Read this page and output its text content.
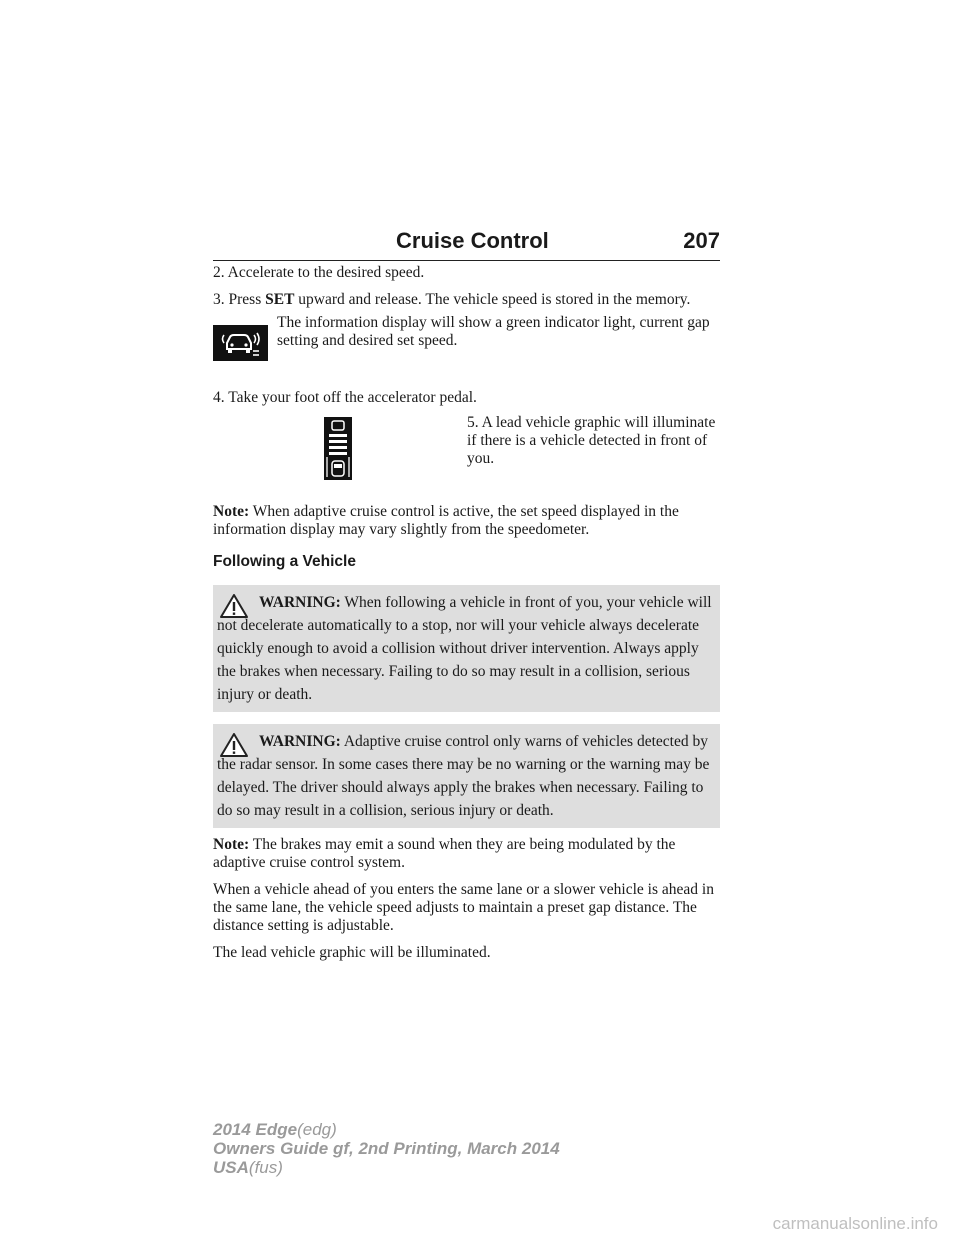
Cruise Control	207

2. Accelerate to the desired speed.

3. Press SET upward and release. The vehicle speed is stored in the memory.

The information display will show a green indicator light, current gap setting and desired set speed.

4. Take your foot off the accelerator pedal.

5. A lead vehicle graphic will illuminate if there is a vehicle detected in front of you.

Note: When adaptive cruise control is active, the set speed displayed in the information display may vary slightly from the speedometer.

Following a Vehicle

WARNING: When following a vehicle in front of you, your vehicle will not decelerate automatically to a stop, nor will your vehicle always decelerate quickly enough to avoid a collision without driver intervention. Always apply the brakes when necessary. Failing to do so may result in a collision, serious injury or death.

WARNING: Adaptive cruise control only warns of vehicles detected by the radar sensor. In some cases there may be no warning or the warning may be delayed. The driver should always apply the brakes when necessary. Failing to do so may result in a collision, serious injury or death.

Note: The brakes may emit a sound when they are being modulated by the adaptive cruise control system.

When a vehicle ahead of you enters the same lane or a slower vehicle is ahead in the same lane, the vehicle speed adjusts to maintain a preset gap distance. The distance setting is adjustable.

The lead vehicle graphic will be illuminated.

2014 Edge(edg)
Owners Guide gf, 2nd Printing, March 2014
USA(fus)
carmanualsonline.info
